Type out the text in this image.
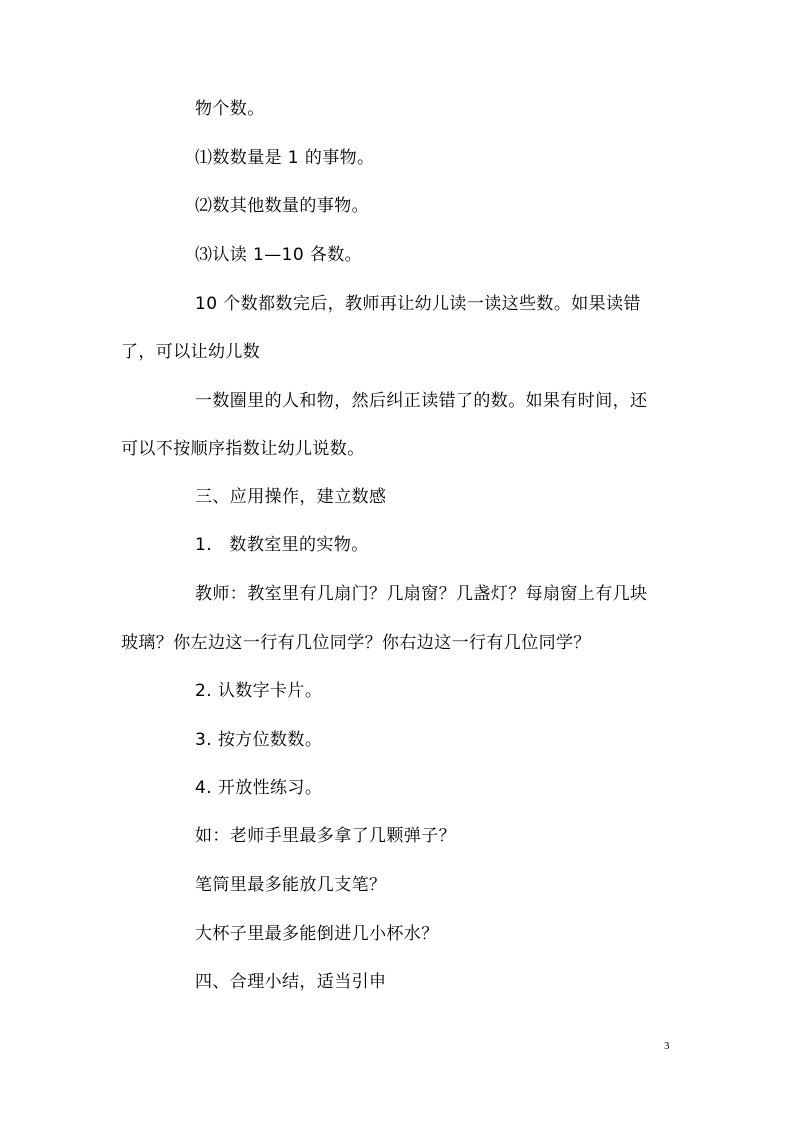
物个数。
⑴数数量是 1 的事物。
⑵数其他数量的事物。
⑶认读 1—10 各数。
10 个数都数完后，教师再让幼儿读一读这些数。如果读错
了，可以让幼儿数
一数圈里的人和物，然后纠正读错了的数。如果有时间，还
可以不按顺序指数让幼儿说数。
三、应用操作，建立数感
1.　数教室里的实物。
教师：教室里有几扇门？几扇窗？几盏灯？每扇窗上有几块
玻璃？你左边这一行有几位同学？你右边这一行有几位同学？
2. 认数字卡片。
3. 按方位数数。
4. 开放性练习。
如：老师手里最多拿了几颗弹子？
笔筒里最多能放几支笔？
大杯子里最多能倒进几小杯水？
四、合理小结，适当引申
3
